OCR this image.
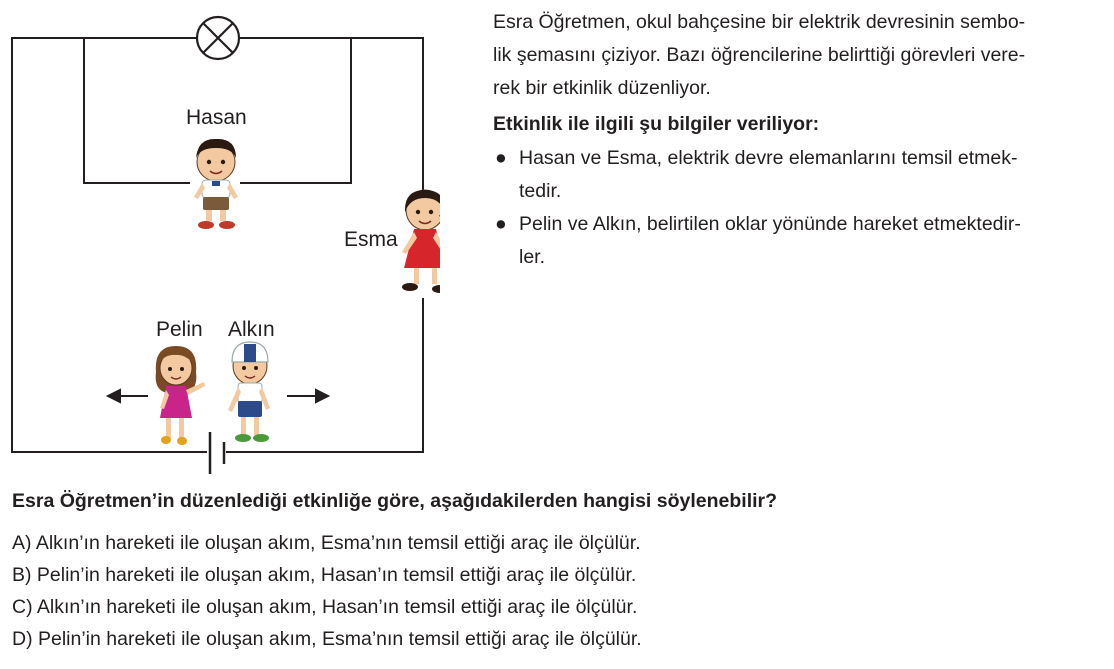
Hasan
Esma
Pelin Alkın

Esra Öğretmen, okul bahçesine bir elektrik devresinin sembo-

lik şemasını çiziyor. Bazı öğrencilerine belirttiği görevleri vere-

rek bir etkinlik düzenliyor.

Etkinlik ile ilgili şu bilgiler veriliyor:
● Hasan ve Esma, elektrik devre elemanlarını temsil etmek-
tedir.
● Pelin ve Alkın, belirtilen oklar yönünde hareket etmektedir-
ler.
Esra Öğretmen’in düzenlediği etkinliğe göre, aşağıdakilerden hangisi söylenebilir?
A) Alkın’ın hareketi ile oluşan akım, Esma’nın temsil ettiği araç ile ölçülür.
B) Pelin’in hareketi ile oluşan akım, Hasan’ın temsil ettiği araç ile ölçülür.
C) Alkın’ın hareketi ile oluşan akım, Hasan’ın temsil ettiği araç ile ölçülür.
D) Pelin’in hareketi ile oluşan akım, Esma’nın temsil ettiği araç ile ölçülür.
